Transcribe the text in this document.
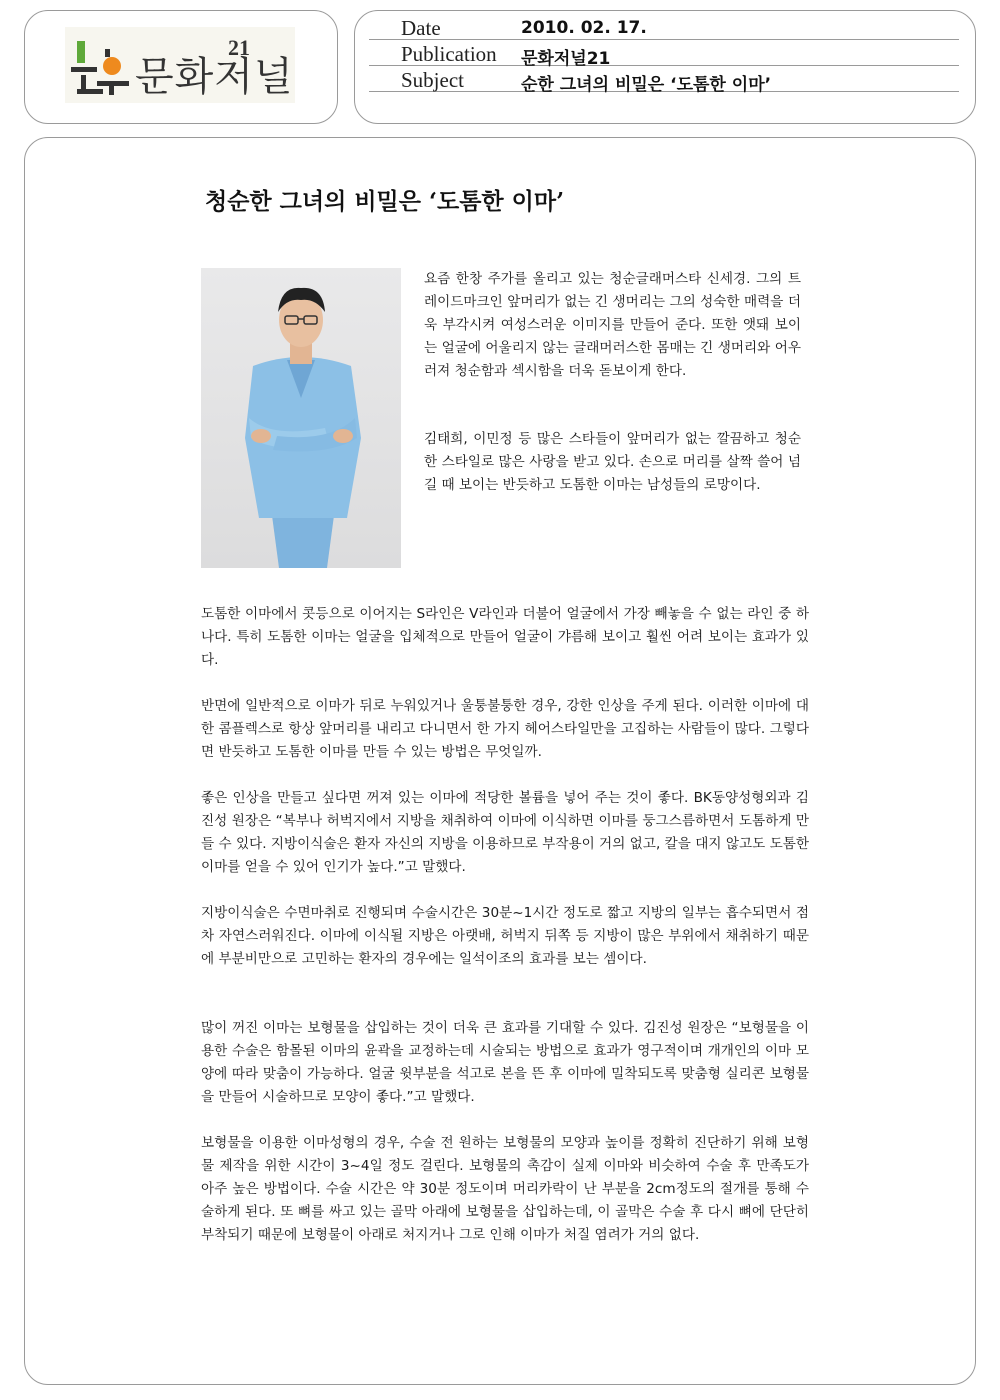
문화저널
21
Date	2010. 02. 17.
Publication 문화저널21
Subject	순한 그녀의 비밀은 ‘도톰한 이마’
청순한 그녀의 비밀은 ‘도톰한 이마’

요즘 한창 주가를 올리고 있는 청순글래머스타 신세경. 그의 트레이드마크인 앞머리가 없는 긴 생머리는 그의 성숙한 매력을 더욱 부각시켜 여성스러운 이미지를 만들어 준다. 또한 앳돼 보이는 얼굴에 어울리지 않는 글래머러스한 몸매는 긴 생머리와 어우러져 청순함과 섹시함을 더욱 돋보이게 한다.

김태희, 이민정 등 많은 스타들이 앞머리가 없는 깔끔하고 청순한 스타일로 많은 사랑을 받고 있다. 손으로 머리를 살짝 쓸어 넘길 때 보이는 반듯하고 도톰한 이마는 남성들의 로망이다.

도톰한 이마에서 콧등으로 이어지는 S라인은 V라인과 더불어 얼굴에서 가장 빼놓을 수 없는 라인 중 하나다. 특히 도톰한 이마는 얼굴을 입체적으로 만들어 얼굴이 갸름해 보이고 훨씬 어려 보이는 효과가 있다.

반면에 일반적으로 이마가 뒤로 누워있거나 울퉁불퉁한 경우, 강한 인상을 주게 된다. 이러한 이마에 대한 콤플렉스로 항상 앞머리를 내리고 다니면서 한 가지 헤어스타일만을 고집하는 사람들이 많다. 그렇다면 반듯하고 도톰한 이마를 만들 수 있는 방법은 무엇일까.

좋은 인상을 만들고 싶다면 꺼져 있는 이마에 적당한 볼륨을 넣어 주는 것이 좋다. BK동양성형외과 김진성 원장은 “복부나 허벅지에서 지방을 채취하여 이마에 이식하면 이마를 둥그스름하면서 도톰하게 만들 수 있다. 지방이식술은 환자 자신의 지방을 이용하므로 부작용이 거의 없고, 칼을 대지 않고도 도톰한 이마를 얻을 수 있어 인기가 높다.”고 말했다.

지방이식술은 수면마취로 진행되며 수술시간은 30분~1시간 정도로 짧고 지방의 일부는 흡수되면서 점차 자연스러워진다. 이마에 이식될 지방은 아랫배, 허벅지 뒤쪽 등 지방이 많은 부위에서 채취하기 때문에 부분비만으로 고민하는 환자의 경우에는 일석이조의 효과를 보는 셈이다.

많이 꺼진 이마는 보형물을 삽입하는 것이 더욱 큰 효과를 기대할 수 있다. 김진성 원장은 “보형물을 이용한 수술은 함몰된 이마의 윤곽을 교정하는데 시술되는 방법으로 효과가 영구적이며 개개인의 이마 모양에 따라 맞춤이 가능하다. 얼굴 윗부분을 석고로 본을 뜬 후 이마에 밀착되도록 맞춤형 실리콘 보형물을 만들어 시술하므로 모양이 좋다.”고 말했다.

보형물을 이용한 이마성형의 경우, 수술 전 원하는 보형물의 모양과 높이를 정확히 진단하기 위해 보형물 제작을 위한 시간이 3~4일 정도 걸린다. 보형물의 촉감이 실제 이마와 비슷하여 수술 후 만족도가 아주 높은 방법이다. 수술 시간은 약 30분 정도이며 머리카락이 난 부분을 2cm정도의 절개를 통해 수술하게 된다. 또 뼈를 싸고 있는 골막 아래에 보형물을 삽입하는데, 이 골막은 수술 후 다시 뼈에 단단히 부착되기 때문에 보형물이 아래로 처지거나 그로 인해 이마가 처질 염려가 거의 없다.
